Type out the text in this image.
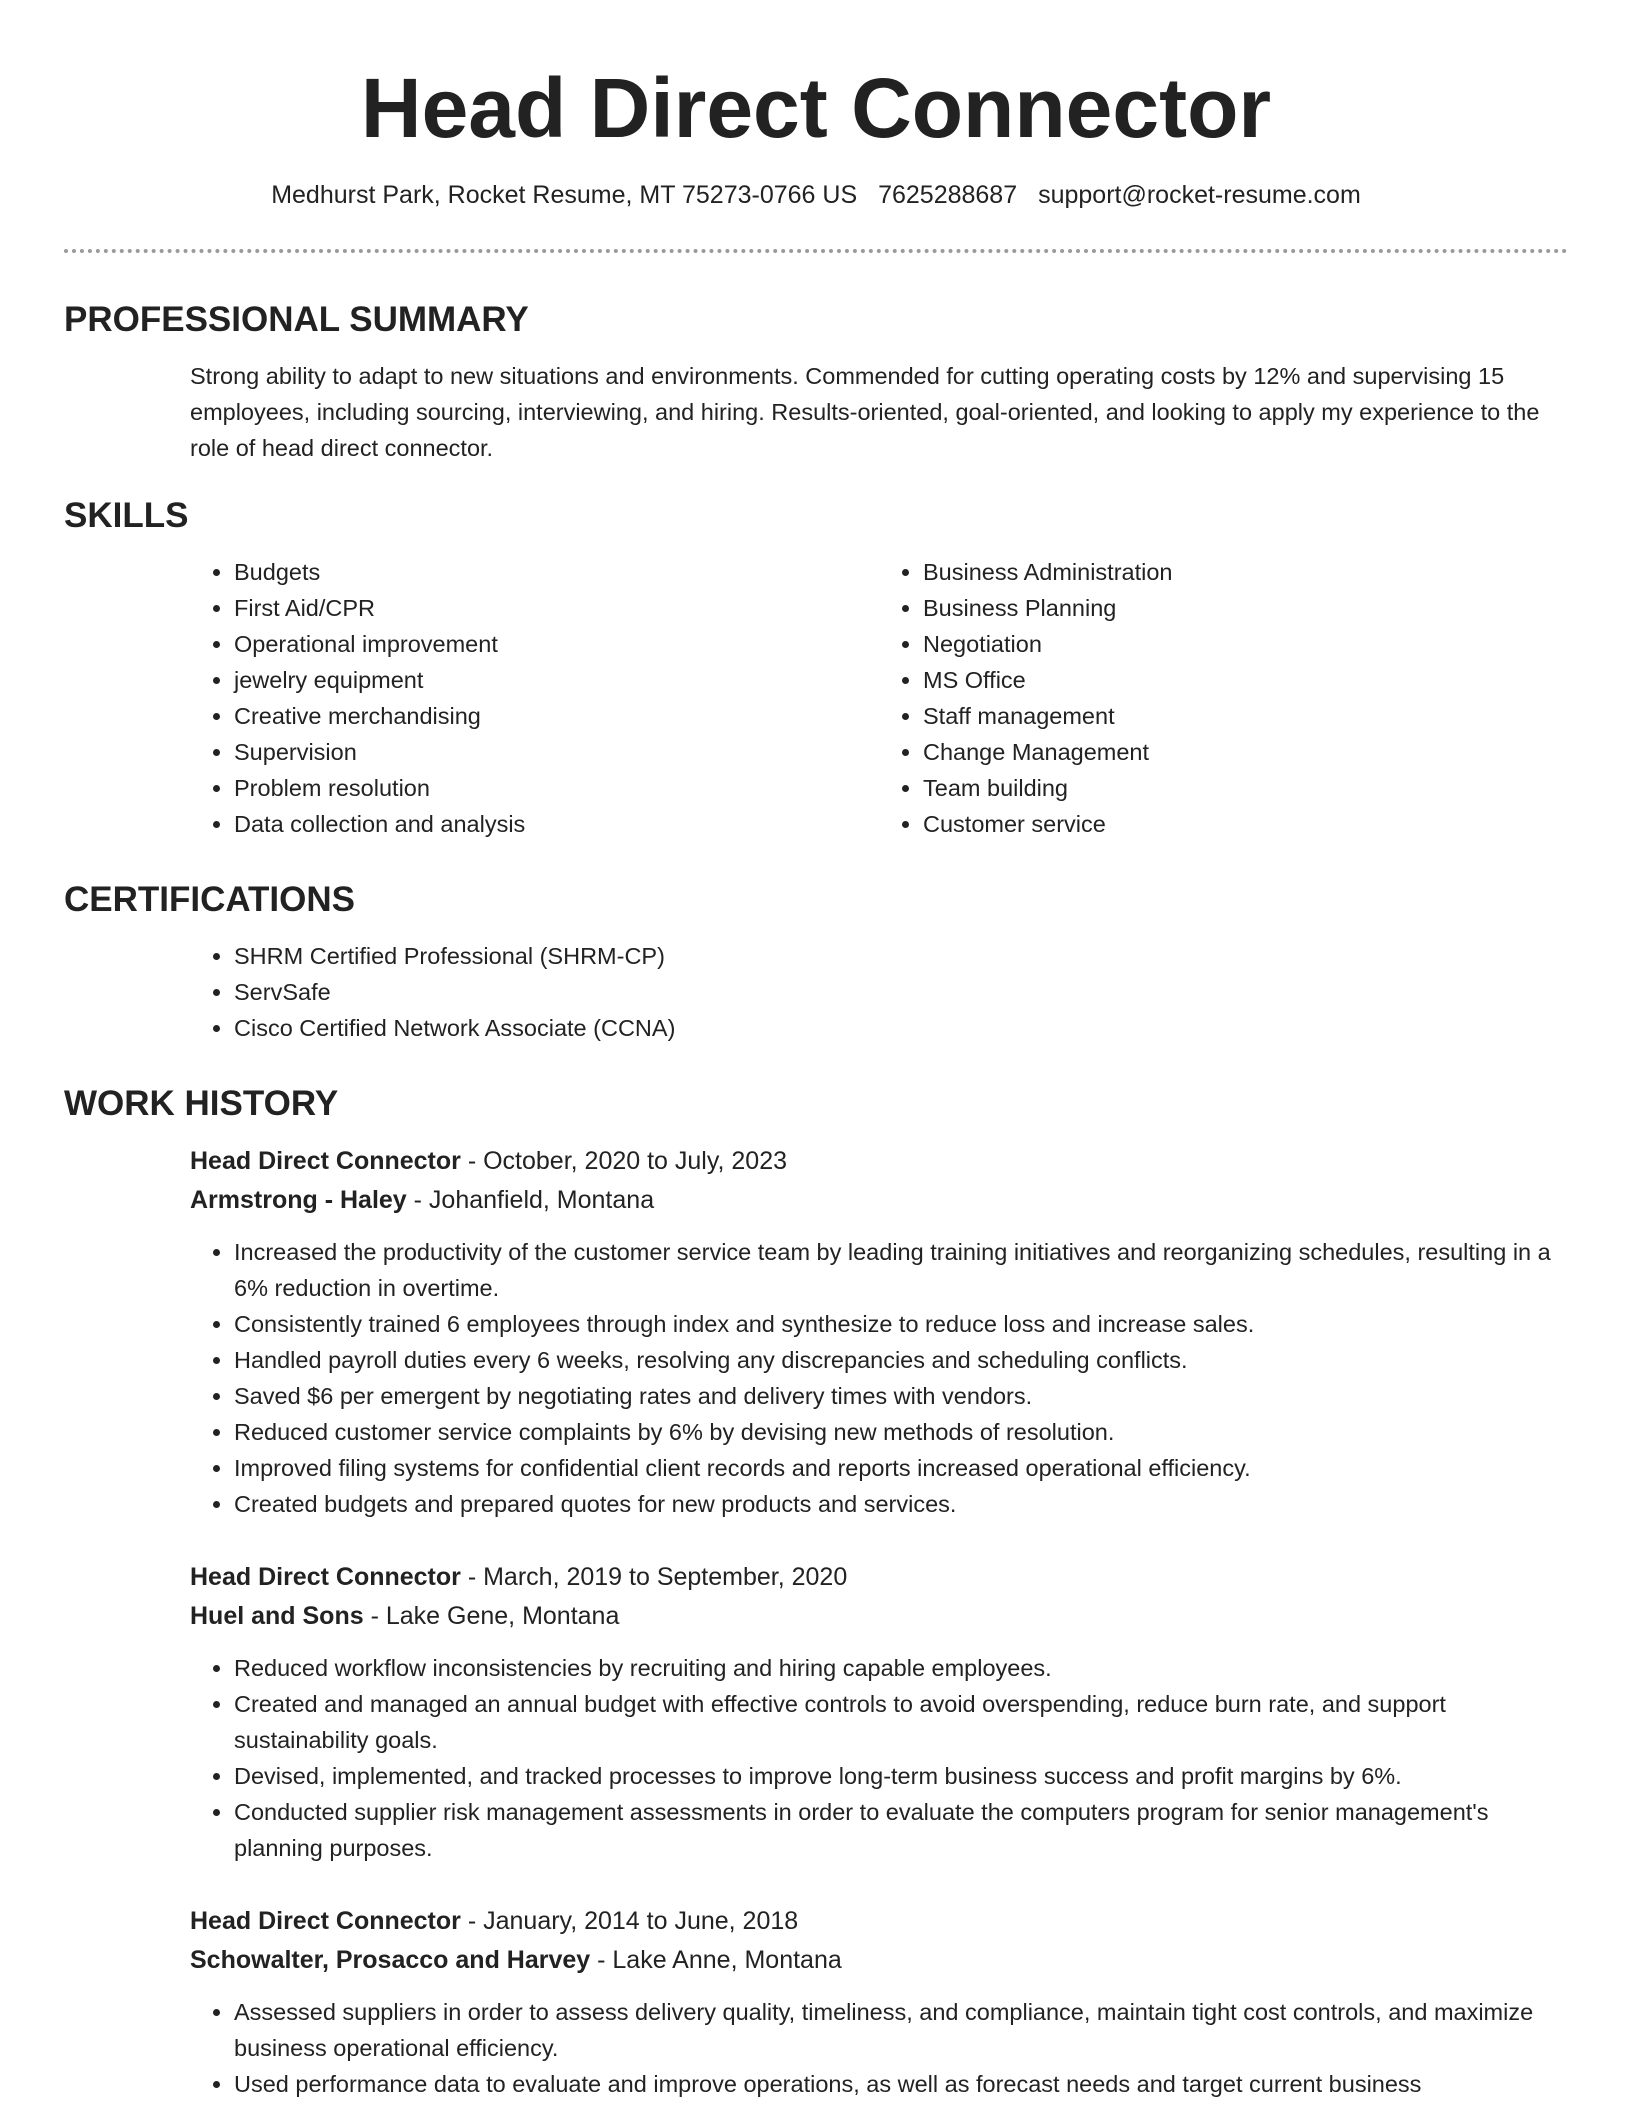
Head Direct Connector
Medhurst Park, Rocket Resume, MT 75273-0766 US 7625288687 support@rocket-resume.com
PROFESSIONAL SUMMARY
Strong ability to adapt to new situations and environments. Commended for cutting operating costs by 12% and supervising 15 employees, including sourcing, interviewing, and hiring. Results-oriented, goal-oriented, and looking to apply my experience to the role of head direct connector.
SKILLS
• Budgets
• First Aid/CPR
• Operational improvement
• jewelry equipment
• Creative merchandising
• Supervision
• Problem resolution
• Data collection and analysis
• Business Administration
• Business Planning
• Negotiation
• MS Office
• Staff management
• Change Management
• Team building
• Customer service
CERTIFICATIONS
• SHRM Certified Professional (SHRM-CP)
• ServSafe
• Cisco Certified Network Associate (CCNA)
WORK HISTORY
Head Direct Connector - October, 2020 to July, 2023
Armstrong - Haley - Johanfield, Montana
• Increased the productivity of the customer service team by leading training initiatives and reorganizing schedules, resulting in a 6% reduction in overtime.
• Consistently trained 6 employees through index and synthesize to reduce loss and increase sales.
• Handled payroll duties every 6 weeks, resolving any discrepancies and scheduling conflicts.
• Saved $6 per emergent by negotiating rates and delivery times with vendors.
• Reduced customer service complaints by 6% by devising new methods of resolution.
• Improved filing systems for confidential client records and reports increased operational efficiency.
• Created budgets and prepared quotes for new products and services.
Head Direct Connector - March, 2019 to September, 2020
Huel and Sons - Lake Gene, Montana
• Reduced workflow inconsistencies by recruiting and hiring capable employees.
• Created and managed an annual budget with effective controls to avoid overspending, reduce burn rate, and support sustainability goals.
• Devised, implemented, and tracked processes to improve long-term business success and profit margins by 6%.
• Conducted supplier risk management assessments in order to evaluate the computers program for senior management's planning purposes.
Head Direct Connector - January, 2014 to June, 2018
Schowalter, Prosacco and Harvey - Lake Anne, Montana
• Assessed suppliers in order to assess delivery quality, timeliness, and compliance, maintain tight cost controls, and maximize business operational efficiency.
• Used performance data to evaluate and improve operations, as well as forecast needs and target current business
